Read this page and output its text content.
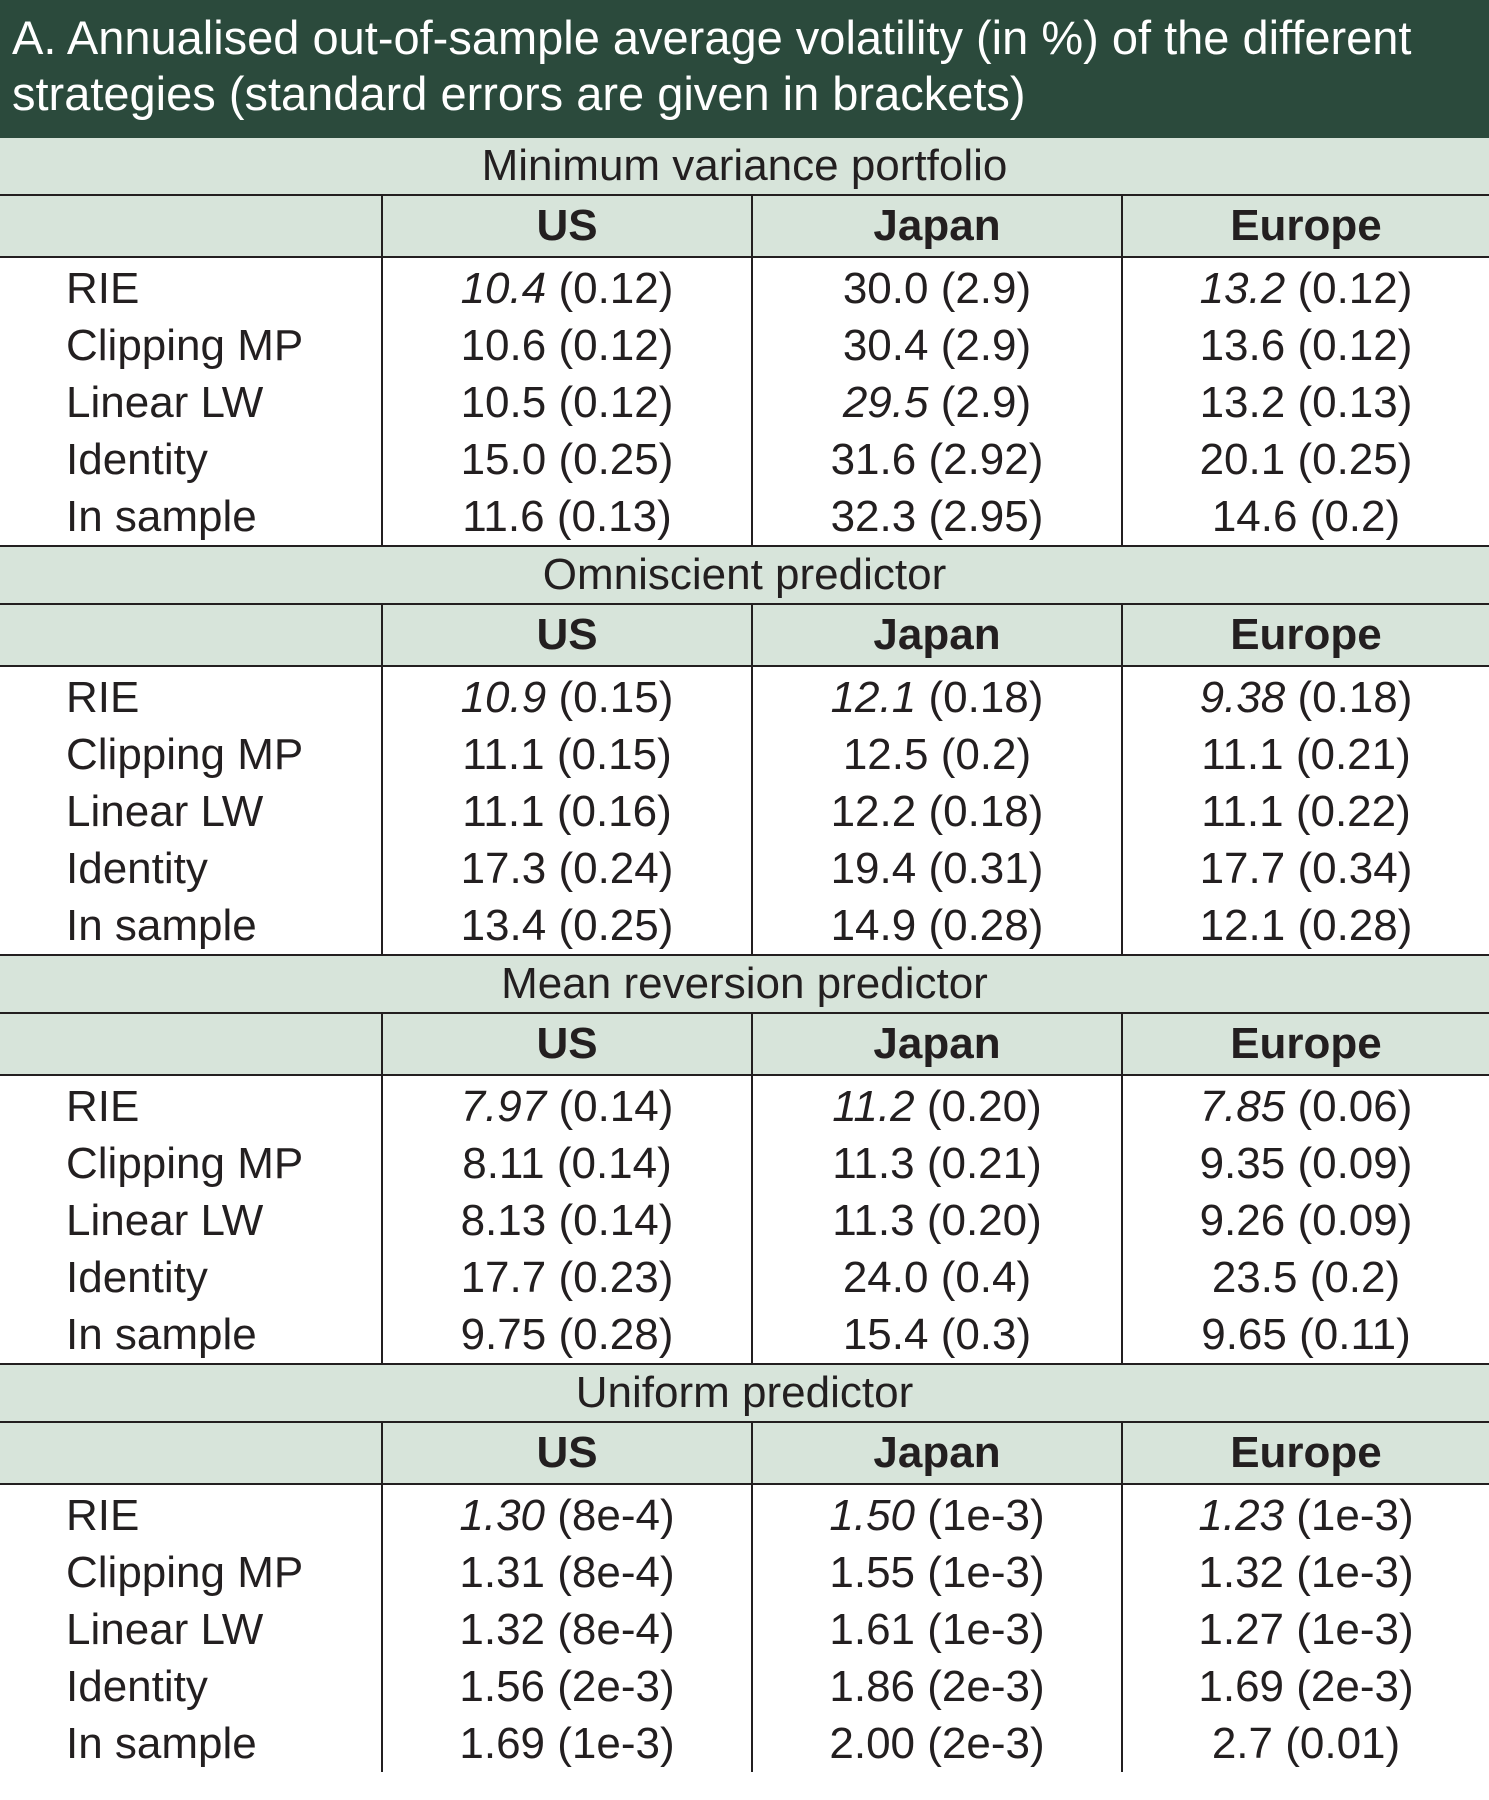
A. Annualised out-of-sample average volatility (in %) of the different
strategies (standard errors are given in brackets)
Minimum variance portfolio			
	US	Japan	Europe
RIE	10.4 (0.12)	30.0 (2.9)	13.2 (0.12)
Clipping MP	10.6 (0.12)	30.4 (2.9)	13.6 (0.12)
Linear LW	10.5 (0.12)	29.5 (2.9)	13.2 (0.13)
Identity	15.0 (0.25)	31.6 (2.92)	20.1 (0.25)
In sample	11.6 (0.13)	32.3 (2.95)	14.6 (0.2)
Omniscient predictor			
	US	Japan	Europe
RIE	10.9 (0.15)	12.1 (0.18)	9.38 (0.18)
Clipping MP	11.1 (0.15)	12.5 (0.2)	11.1 (0.21)
Linear LW	11.1 (0.16)	12.2 (0.18)	11.1 (0.22)
Identity	17.3 (0.24)	19.4 (0.31)	17.7 (0.34)
In sample	13.4 (0.25)	14.9 (0.28)	12.1 (0.28)
Mean reversion predictor			
	US	Japan	Europe
RIE	7.97 (0.14)	11.2 (0.20)	7.85 (0.06)
Clipping MP	8.11 (0.14)	11.3 (0.21)	9.35 (0.09)
Linear LW	8.13 (0.14)	11.3 (0.20)	9.26 (0.09)
Identity	17.7 (0.23)	24.0 (0.4)	23.5 (0.2)
In sample	9.75 (0.28)	15.4 (0.3)	9.65 (0.11)
Uniform predictor			
	US	Japan	Europe
RIE	1.30 (8e-4)	1.50 (1e-3)	1.23 (1e-3)
Clipping MP	1.31 (8e-4)	1.55 (1e-3)	1.32 (1e-3)
Linear LW	1.32 (8e-4)	1.61 (1e-3)	1.27 (1e-3)
Identity	1.56 (2e-3)	1.86 (2e-3)	1.69 (2e-3)
In sample	1.69 (1e-3)	2.00 (2e-3)	2.7 (0.01)
